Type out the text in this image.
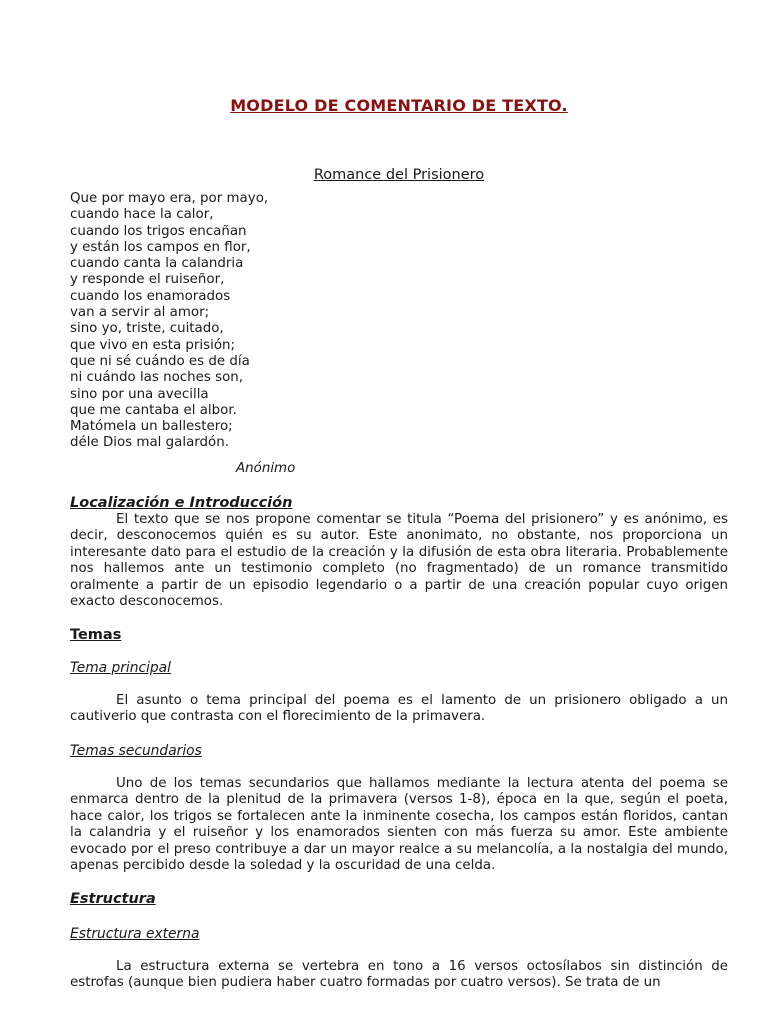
MODELO DE COMENTARIO DE TEXTO.
Romance del Prisionero
Que por mayo era, por mayo,
cuando hace la calor,
cuando los trigos encañan
y están los campos en flor,
cuando canta la calandria
y responde el ruiseñor,
cuando los enamorados
van a servir al amor;
sino yo, triste, cuitado,
que vivo en esta prisión;
que ni sé cuándo es de día
ni cuándo las noches son,
sino por una avecilla
que me cantaba el albor.
Matómela un ballestero;
déle Dios mal galardón.
Anónimo
Localización e Introducción
El texto que se nos propone comentar se titula “Poema del prisionero” y es anónimo, es decir, desconocemos quién es su autor. Este anonimato, no obstante, nos proporciona un interesante dato para el estudio de la creación y la difusión de esta obra literaria. Probablemente nos hallemos ante un testimonio completo (no fragmentado) de un romance transmitido oralmente a partir de un episodio legendario o a partir de una creación popular cuyo origen exacto desconocemos.
Temas
Tema principal
El asunto o tema principal del poema es el lamento de un prisionero obligado a un cautiverio que contrasta con el florecimiento de la primavera.
Temas secundarios
Uno de los temas secundarios que hallamos mediante la lectura atenta del poema se enmarca dentro de la plenitud de la primavera (versos 1-8), época en la que, según el poeta, hace calor, los trigos se fortalecen ante la inminente cosecha, los campos están floridos, cantan la calandria y el ruiseñor y los enamorados sienten con más fuerza su amor. Este ambiente evocado por el preso contribuye a dar un mayor realce a su melancolía, a la nostalgia del mundo, apenas percibido desde la soledad y la oscuridad de una celda.
Estructura
Estructura externa
La estructura externa se vertebra en tono a 16 versos octosílabos sin distinción de estrofas (aunque bien pudiera haber cuatro formadas por cuatro versos). Se trata de un
